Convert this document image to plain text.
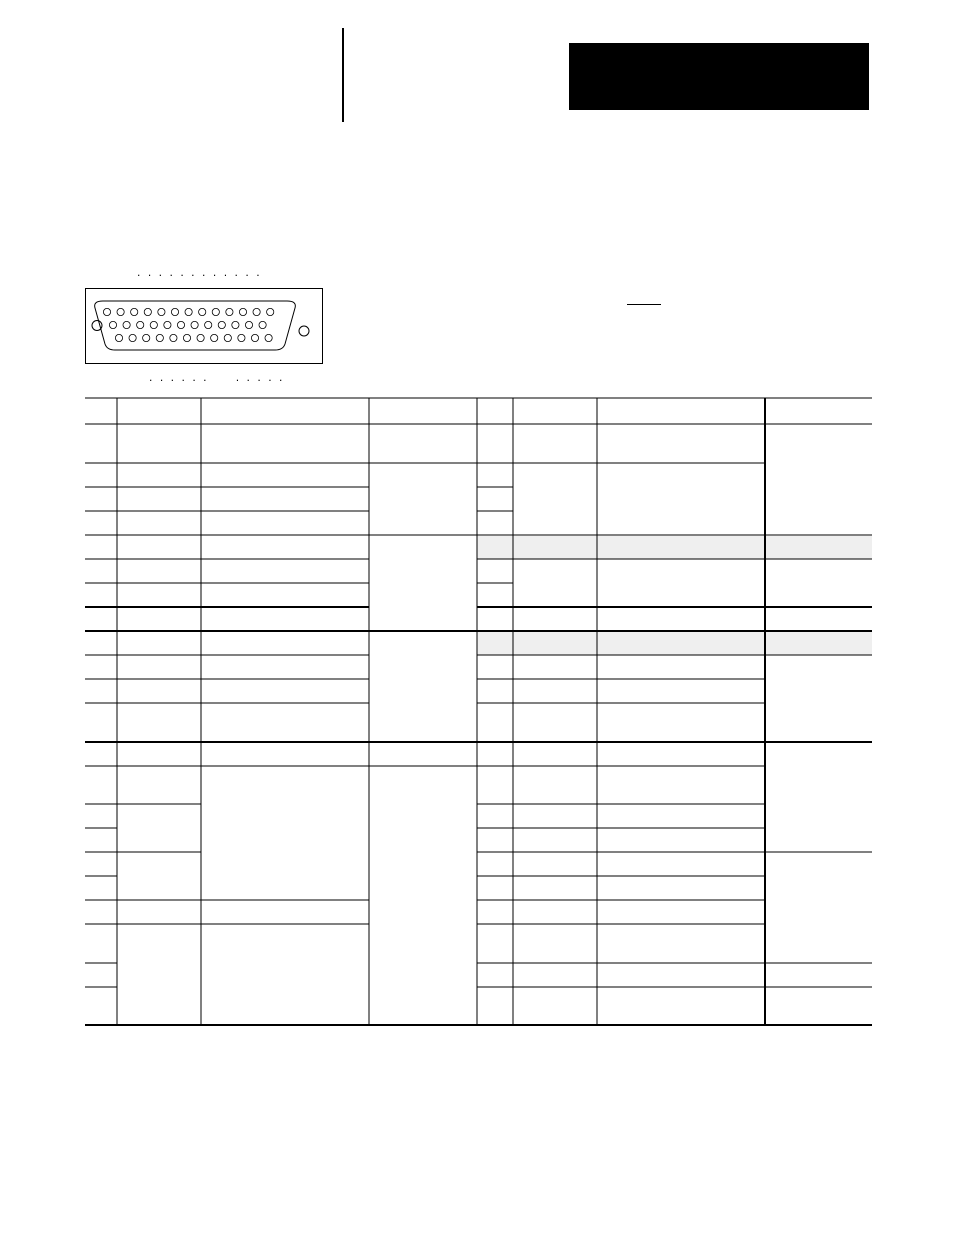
. . . . . . . . . . . .
. . . . . .     . . . . .
